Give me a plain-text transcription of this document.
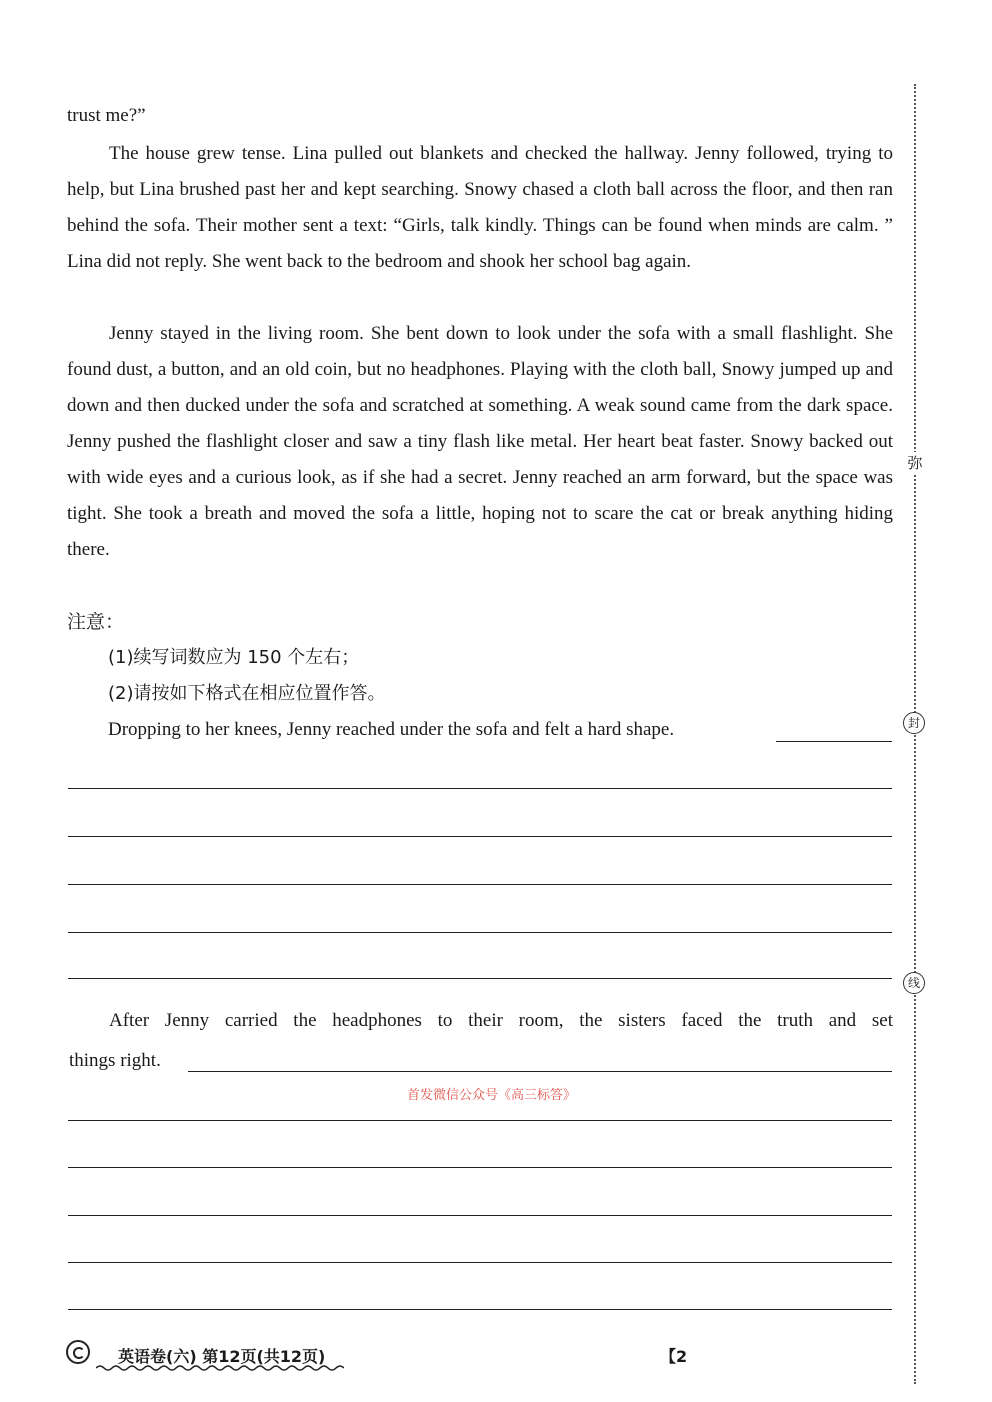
trust me?”

The house grew tense. Lina pulled out blankets and checked the hallway. Jenny followed, trying to help, but Lina brushed past her and kept searching. Snowy chased a cloth ball across the floor, and then ran behind the sofa. Their mother sent a text: “Girls, talk kindly. Things can be found when minds are calm. ” Lina did not reply. She went back to the bedroom and shook her school bag again.

Jenny stayed in the living room. She bent down to look under the sofa with a small flashlight. She found dust, a button, and an old coin, but no headphones. Playing with the cloth ball, Snowy jumped up and down and then ducked under the sofa and scratched at something. A weak sound came from the dark space. Jenny pushed the flashlight closer and saw a tiny flash like metal. Her heart beat faster. Snowy backed out with wide eyes and a curious look, as if she had a secret. Jenny reached an arm forward, but the space was tight. She took a breath and moved the sofa a little, hoping not to scare the cat or break anything hiding there.

注意：
(1)续写词数应为 150 个左右；
(2)请按如下格式在相应位置作答。
Dropping to her knees, Jenny reached under the sofa and felt a hard shape.
After Jenny carried the headphones to their room, the sisters faced the truth and set
things right.
首发微信公众号《高三标答》
英语卷(六) 第12页(共12页)	【2
弥
封
线
